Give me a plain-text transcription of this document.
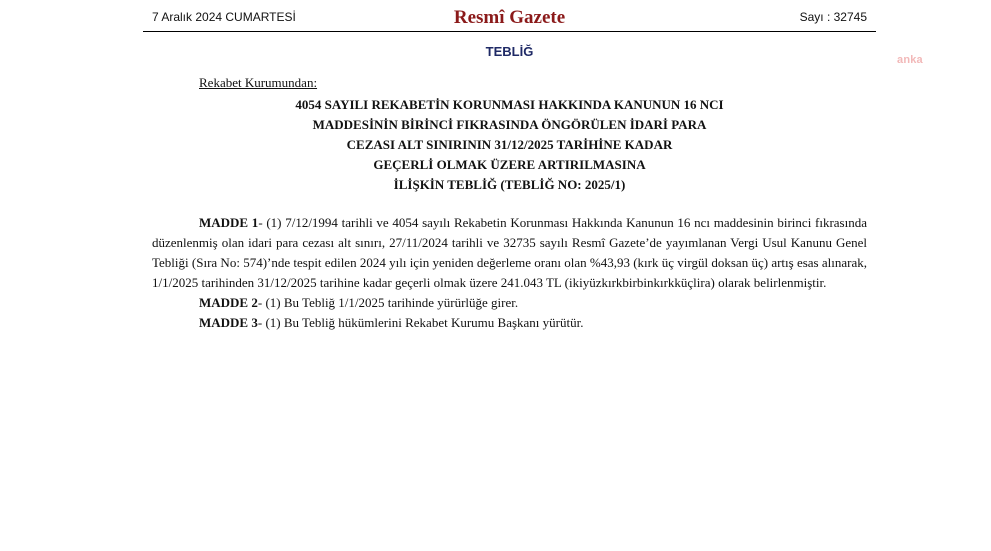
7 Aralık 2024 CUMARTESİ	Resmî Gazete	Sayı : 32745
TEBLİĞ
anka
Rekabet Kurumundan:
4054 SAYILI REKABETİN KORUNMASI HAKKINDA KANUNUN 16 NCI
MADDESİNİN BİRİNCİ FIKRASINDA ÖNGÖRÜLEN İDARİ PARA
CEZASI ALT SINIRININ 31/12/2025 TARİHİNE KADAR
GEÇERLİ OLMAK ÜZERE ARTIRILMASINA
İLİŞKİN TEBLİĞ (TEBLİĞ NO: 2025/1)

MADDE 1- (1) 7/12/1994 tarihli ve 4054 sayılı Rekabetin Korunması Hakkında Kanunun 16 ncı maddesinin birinci fıkrasında düzenlenmiş olan idari para cezası alt sınırı, 27/11/2024 tarihli ve 32735 sayılı Resmî Gazete’de yayımlanan Vergi Usul Kanunu Genel Tebliği (Sıra No: 574)’nde tespit edilen 2024 yılı için yeniden değerleme oranı olan %43,93 (kırk üç virgül doksan üç) artış esas alınarak, 1/1/2025 tarihinden 31/12/2025 tarihine kadar geçerli olmak üzere 241.043 TL (ikiyüzkırkbirbinkırkküçlira) olarak belirlenmiştir.

MADDE 2- (1) Bu Tebliğ 1/1/2025 tarihinde yürürlüğe girer.

MADDE 3- (1) Bu Tebliğ hükümlerini Rekabet Kurumu Başkanı yürütür.
